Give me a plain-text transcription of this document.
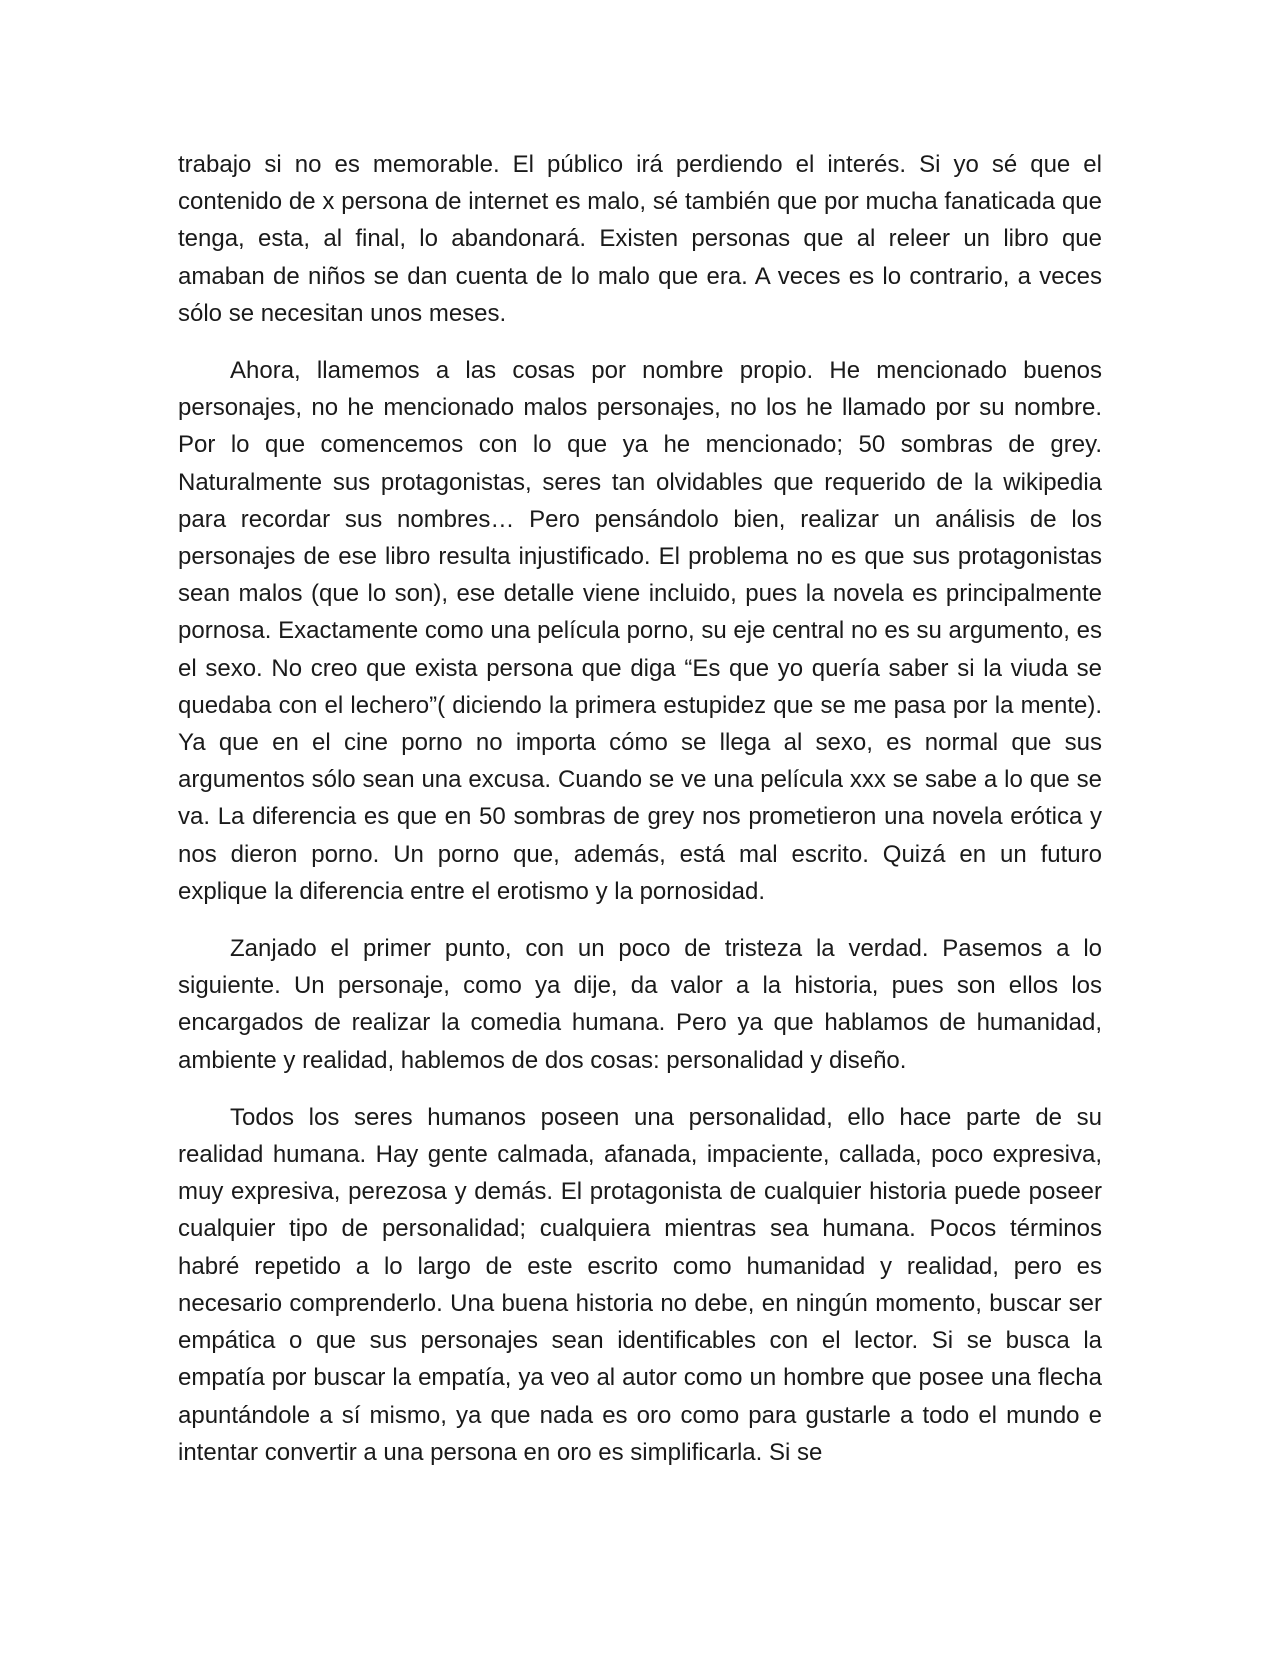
trabajo si no es memorable. El público irá perdiendo el interés. Si yo sé que el contenido de x persona de internet es malo, sé también que por mucha fanaticada que tenga, esta, al final, lo abandonará. Existen personas que al releer un libro que amaban de niños se dan cuenta de lo malo que era. A veces es lo contrario, a veces sólo se necesitan unos meses.

Ahora, llamemos a las cosas por nombre propio. He mencionado buenos personajes, no he mencionado malos personajes, no los he llamado por su nombre. Por lo que comencemos con lo que ya he mencionado; 50 sombras de grey. Naturalmente sus protagonistas, seres tan olvidables que requerido de la wikipedia para recordar sus nombres… Pero pensándolo bien, realizar un análisis de los personajes de ese libro resulta injustificado. El problema no es que sus protagonistas sean malos (que lo son), ese detalle viene incluido, pues la novela es principalmente pornosa. Exactamente como una película porno, su eje central no es su argumento, es el sexo. No creo que exista persona que diga “Es que yo quería saber si la viuda se quedaba con el lechero”( diciendo la primera estupidez que se me pasa por la mente). Ya que en el cine porno no importa cómo se llega al sexo, es normal que sus argumentos sólo sean una excusa. Cuando se ve una película xxx se sabe a lo que se va. La diferencia es que en 50 sombras de grey nos prometieron una novela erótica y nos dieron porno. Un porno que, además, está mal escrito. Quizá en un futuro explique la diferencia entre el erotismo y la pornosidad.

Zanjado el primer punto, con un poco de tristeza la verdad. Pasemos a lo siguiente. Un personaje, como ya dije, da valor a la historia, pues son ellos los encargados de realizar la comedia humana. Pero ya que hablamos de humanidad, ambiente y realidad, hablemos de dos cosas: personalidad y diseño.

Todos los seres humanos poseen una personalidad, ello hace parte de su realidad humana. Hay gente calmada, afanada, impaciente, callada, poco expresiva, muy expresiva, perezosa y demás. El protagonista de cualquier historia puede poseer cualquier tipo de personalidad; cualquiera mientras sea humana. Pocos términos habré repetido a lo largo de este escrito como humanidad y realidad, pero es necesario comprenderlo. Una buena historia no debe, en ningún momento, buscar ser empática o que sus personajes sean identificables con el lector. Si se busca la empatía por buscar la empatía, ya veo al autor como un hombre que posee una flecha apuntándole a sí mismo, ya que nada es oro como para gustarle a todo el mundo e intentar convertir a una persona en oro es simplificarla. Si se
